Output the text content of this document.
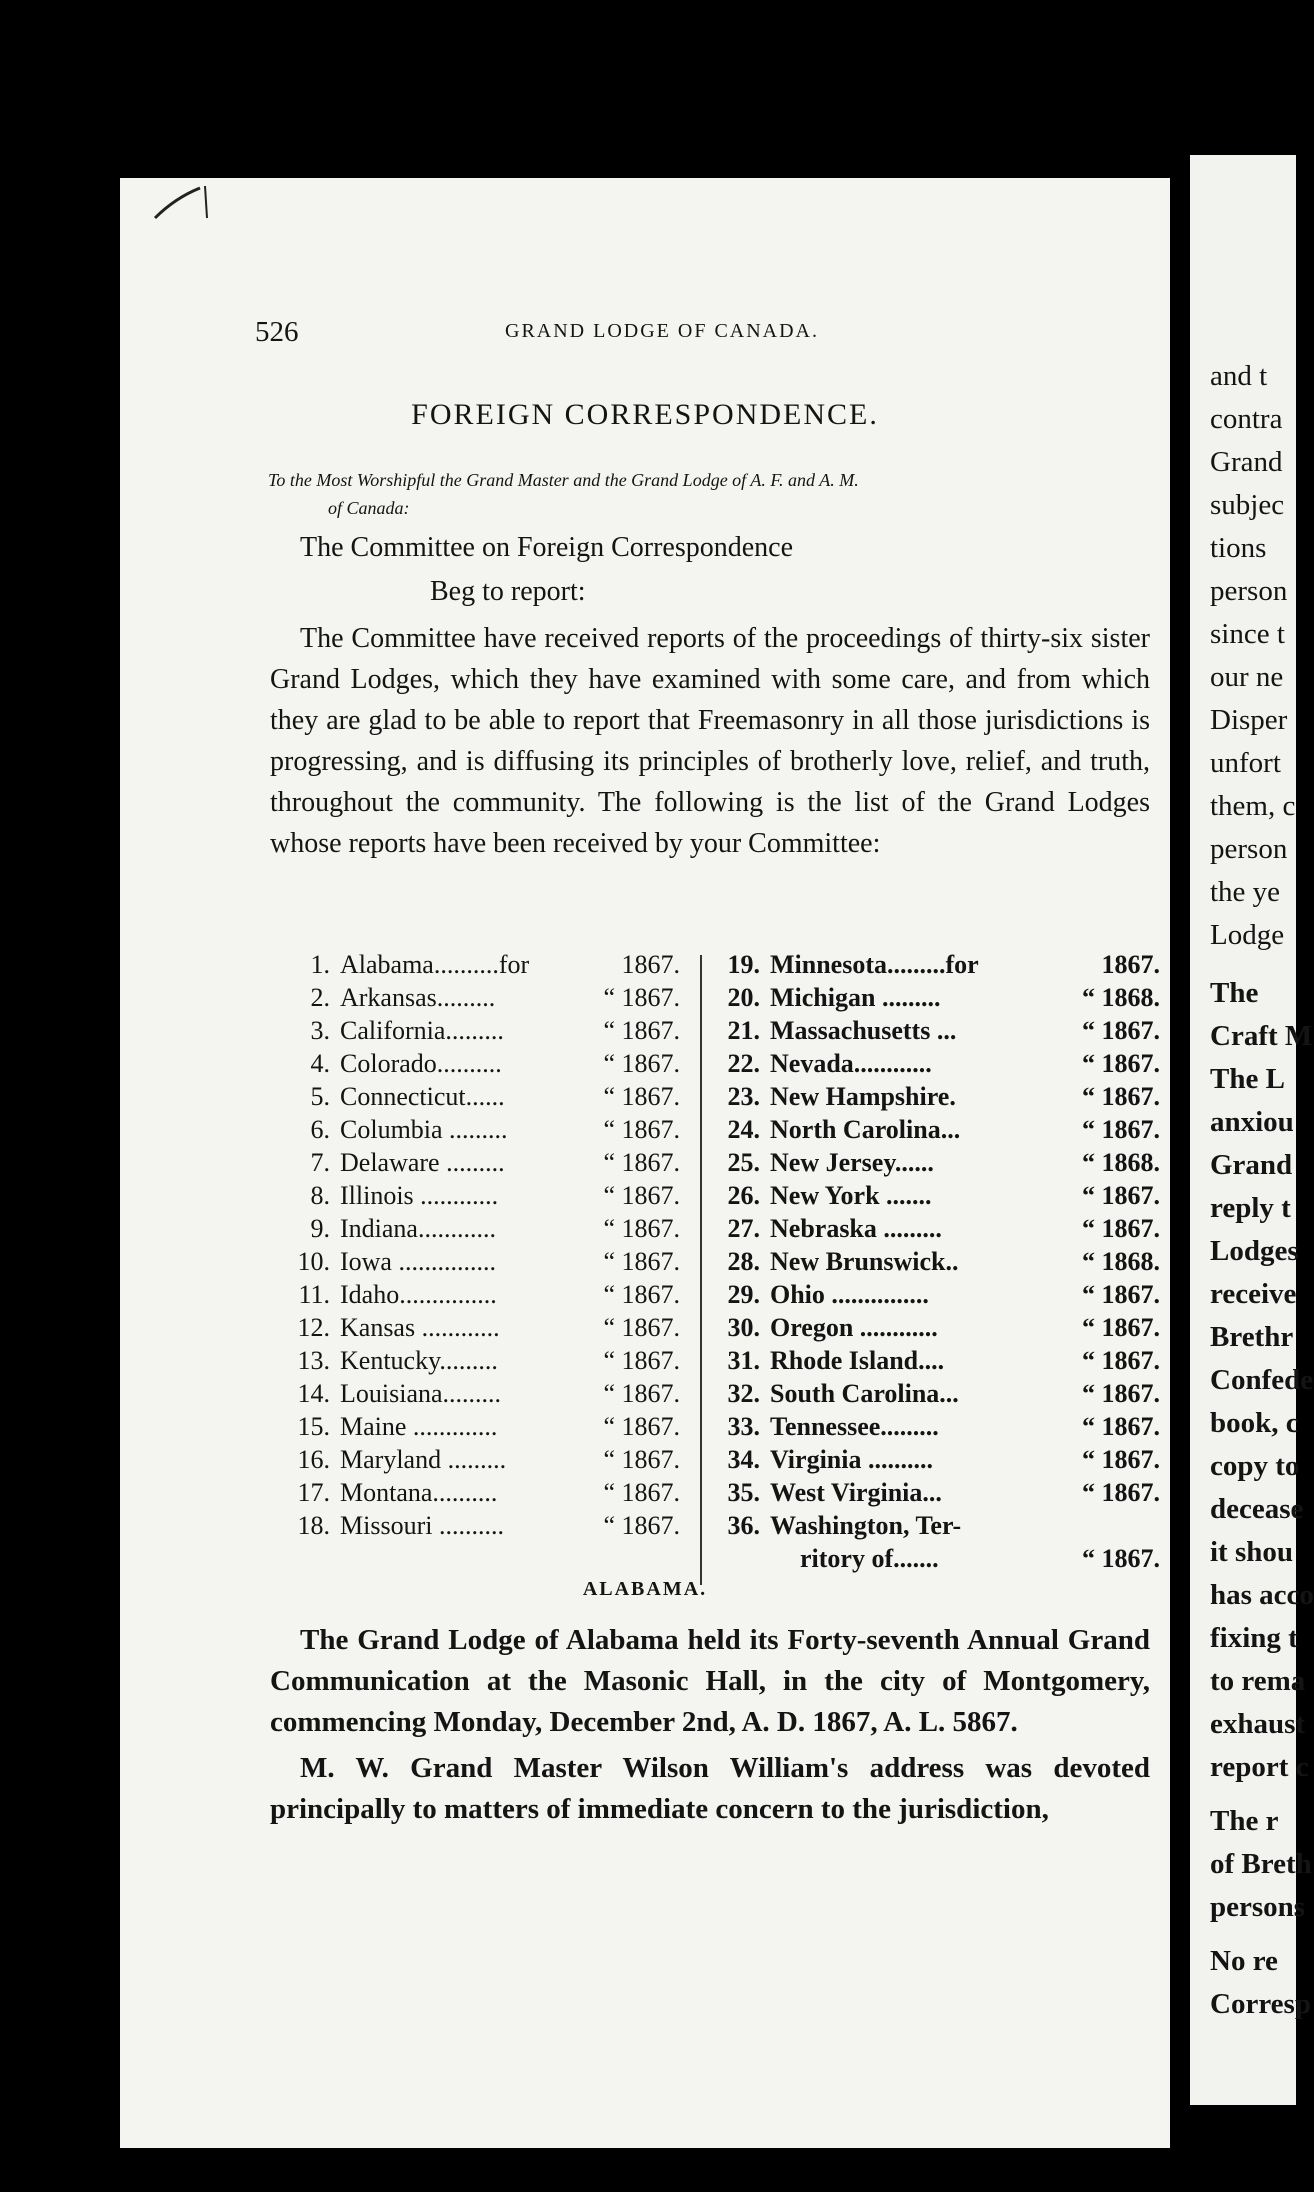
526	GRAND LODGE OF CANADA.
FOREIGN CORRESPONDENCE.
To the Most Worshipful the Grand Master and the Grand Lodge of A. F. and A. M.
of Canada:
The Committee on Foreign Correspondence
Beg to report:
The Committee have received reports of the proceedings of thirty-six sister Grand Lodges, which they have examined with some care, and from which they are glad to be able to report that Freemasonry in all those jurisdictions is progressing, and is diffusing its principles of brotherly love, relief, and truth, throughout the community. The following is the list of the Grand Lodges whose reports have been received by your Committee:
1. Alabama..........for	1867.
2. Arkansas.........	“ 1867.
3. California.........	“ 1867.
4. Colorado..........	“ 1867.
5. Connecticut......	“ 1867.
6. Columbia .........	“ 1867.
7. Delaware .........	“ 1867.
8. Illinois ............	“ 1867.
9. Indiana............	“ 1867.
10. Iowa ...............	“ 1867.
11. Idaho...............	“ 1867.
12. Kansas ............	“ 1867.
13. Kentucky.........	“ 1867.
14. Louisiana.........	“ 1867.
15. Maine .............	“ 1867.
16. Maryland .........	“ 1867.
17. Montana..........	“ 1867.
18. Missouri ..........	“ 1867.
19. Minnesota.........for	1867.
20. Michigan .........	“ 1868.
21. Massachusetts ...	“ 1867.
22. Nevada............	“ 1867.
23. New Hampshire.	“ 1867.
24. North Carolina...	“ 1867.
25. New Jersey......	“ 1868.
26. New York .......	“ 1867.
27. Nebraska .........	“ 1867.
28. New Brunswick..	“ 1868.
29. Ohio ...............	“ 1867.
30. Oregon ............	“ 1867.
31. Rhode Island....	“ 1867.
32. South Carolina...	“ 1867.
33. Tennessee.........	“ 1867.
34. Virginia ..........	“ 1867.
35. West Virginia...	“ 1867.
36. Washington, Ter-
ritory of.......	“ 1867.
ALABAMA.
The Grand Lodge of Alabama held its Forty-seventh Annual Grand Communication at the Masonic Hall, in the city of Montgomery, commencing Monday, December 2nd, A. D. 1867, A. L. 5867.
M. W. Grand Master Wilson William's address was devoted principally to matters of immediate concern to the jurisdiction,
and t
contra
Grand
subjec
tions
person
since t
our ne
Disper
unfort
them, c
person
the ye
Lodge
The
Craft M
The L
anxiou
Grand
reply t
Lodges
receive
Brethr
Confede
book, c
copy to
decease
it shou
has acco
fixing t
to rema
exhaust
report c
The r
of Breth
persons
No re
Corresp
